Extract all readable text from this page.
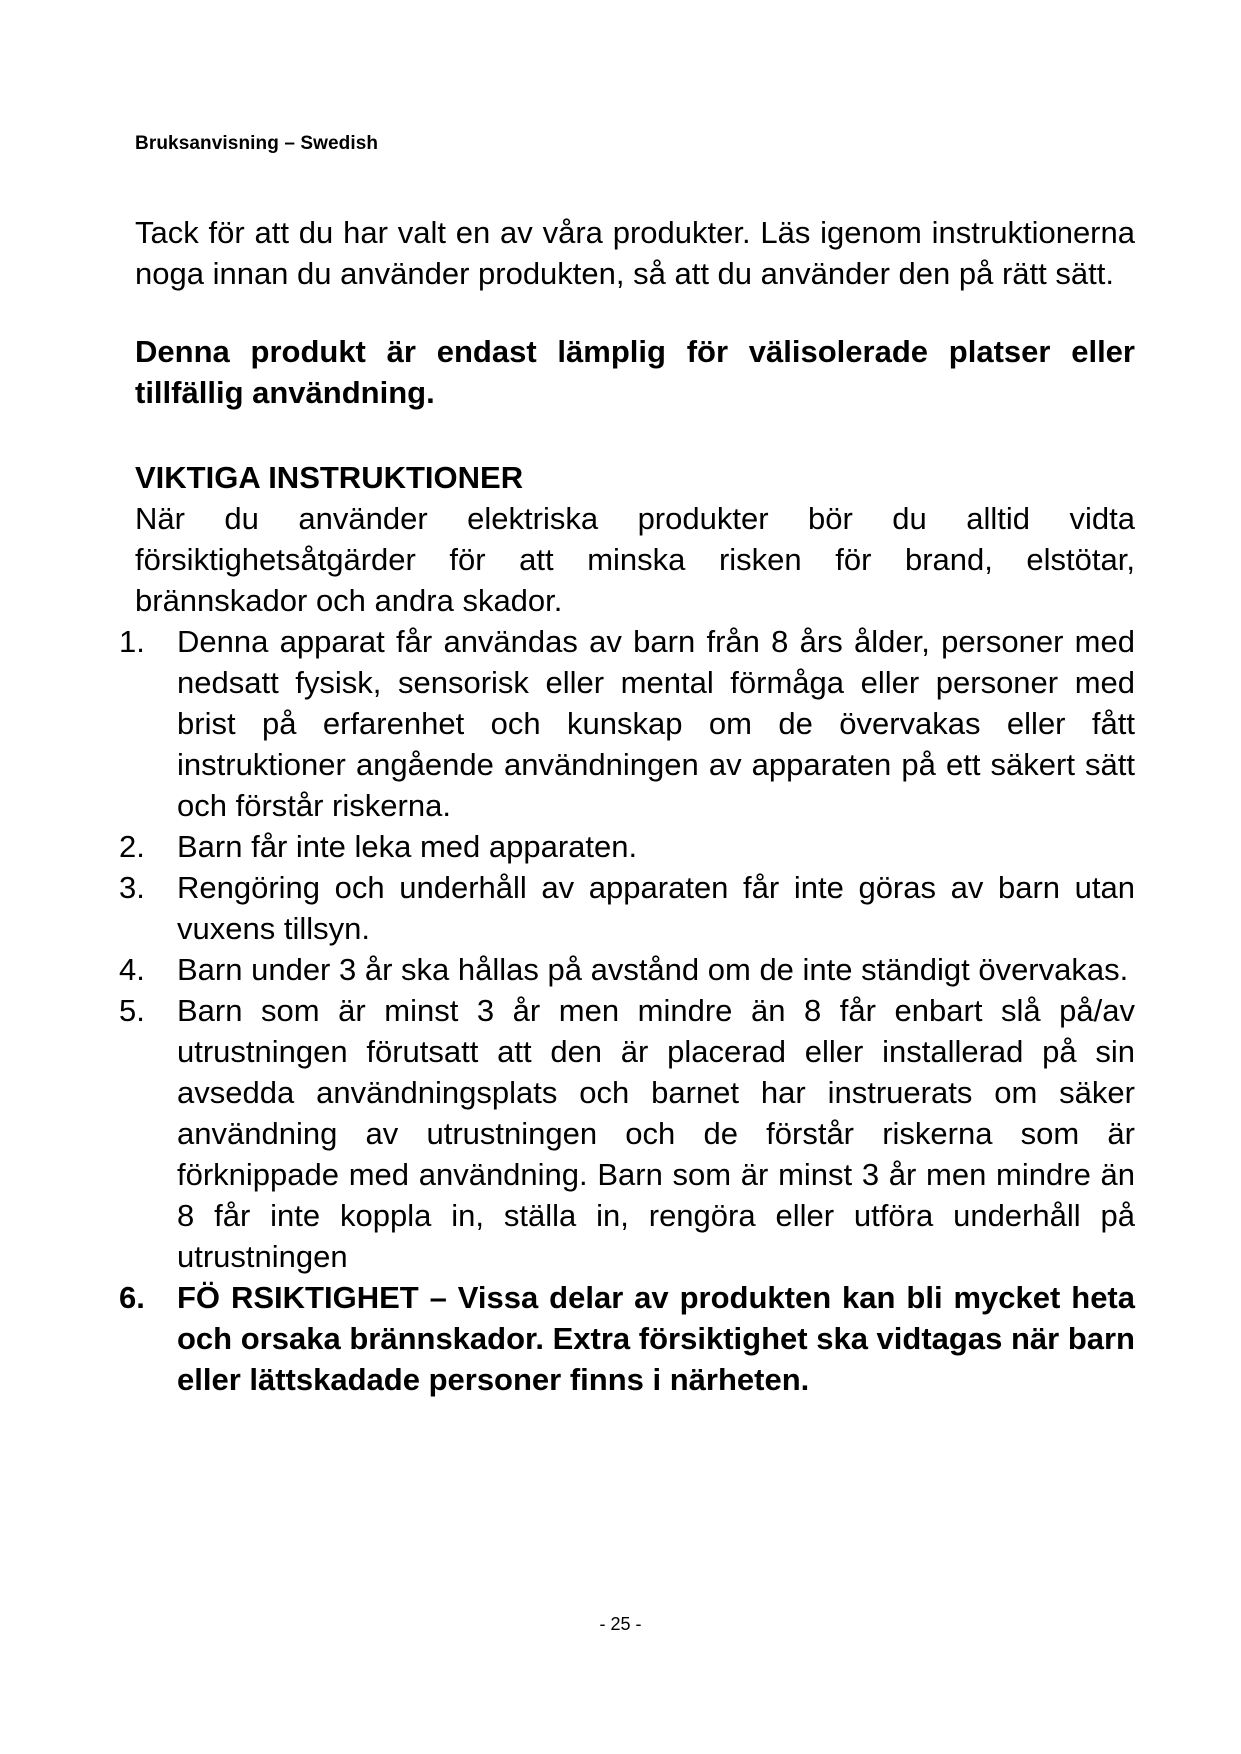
Bruksanvisning – Swedish

Tack för att du har valt en av våra produkter. Läs igenom instruktionerna noga innan du använder produkten, så att du använder den på rätt sätt.

Denna produkt är endast lämplig för välisolerade platser eller tillfällig användning.

VIKTIGA INSTRUKTIONER

När du använder elektriska produkter bör du alltid vidta försiktighetsåtgärder för att minska risken för brand, elstötar, brännskador och andra skador.

1.	Denna apparat får användas av barn från 8 års ålder, personer med nedsatt fysisk, sensorisk eller mental förmåga eller personer med brist på erfarenhet och kunskap om de övervakas eller fått instruktioner angående användningen av apparaten på ett säkert sätt och förstår riskerna.
2.	Barn får inte leka med apparaten.
3.	Rengöring och underhåll av apparaten får inte göras av barn utan vuxens tillsyn.
4.	Barn under 3 år ska hållas på avstånd om de inte ständigt övervakas.
5.	Barn som är minst 3 år men mindre än 8 får enbart slå på/av utrustningen förutsatt att den är placerad eller installerad på sin avsedda användningsplats och barnet har instruerats om säker användning av utrustningen och de förstår riskerna som är förknippade med användning. Barn som är minst 3 år men mindre än 8 får inte koppla in, ställa in, rengöra eller utföra underhåll på utrustningen
6.	FÖ RSIKTIGHET – Vissa delar av produkten kan bli mycket heta och orsaka brännskador. Extra försiktighet ska vidtagas när barn eller lättskadade personer finns i närheten.
- 25 -
